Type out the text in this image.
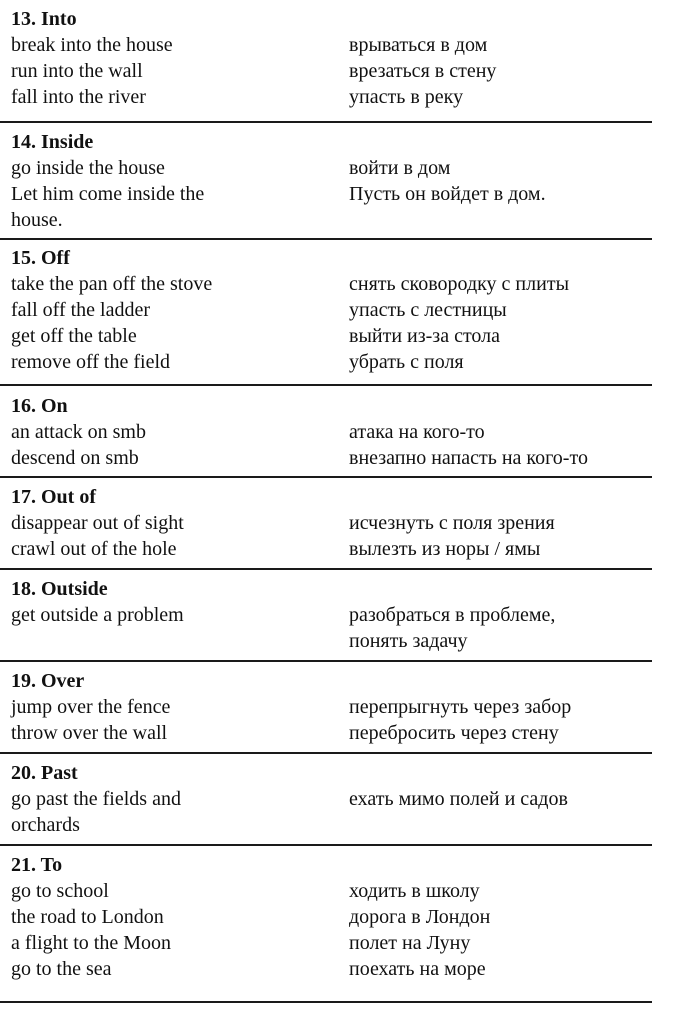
13. Into
break into the house	врываться в дом
run into the wall	врезаться в стену
fall into the river	упасть в реку
14. Inside
go inside the house	войти в дом
Let him come inside the	Пусть он войдет в дом.
house.
15. Off
take the pan off the stove	снять сковородку с плиты
fall off the ladder	упасть с лестницы
get off the table	выйти из-за стола
remove off the field	убрать с поля
16. On
an attack on smb	атака на кого-то
descend on smb	внезапно напасть на кого-то
17. Out of
disappear out of sight	исчезнуть с поля зрения
crawl out of the hole	вылезть из норы / ямы
18. Outside
get outside a problem	разобраться в проблеме,
понять задачу
19. Over
jump over the fence	перепрыгнуть через забор
throw over the wall	перебросить через стену
20. Past
go past the fields and	ехать мимо полей и садов
orchards
21. To
go to school	ходить в школу
the road to London	дорога в Лондон
a flight to the Moon	полет на Луну
go to the sea	поехать на море
